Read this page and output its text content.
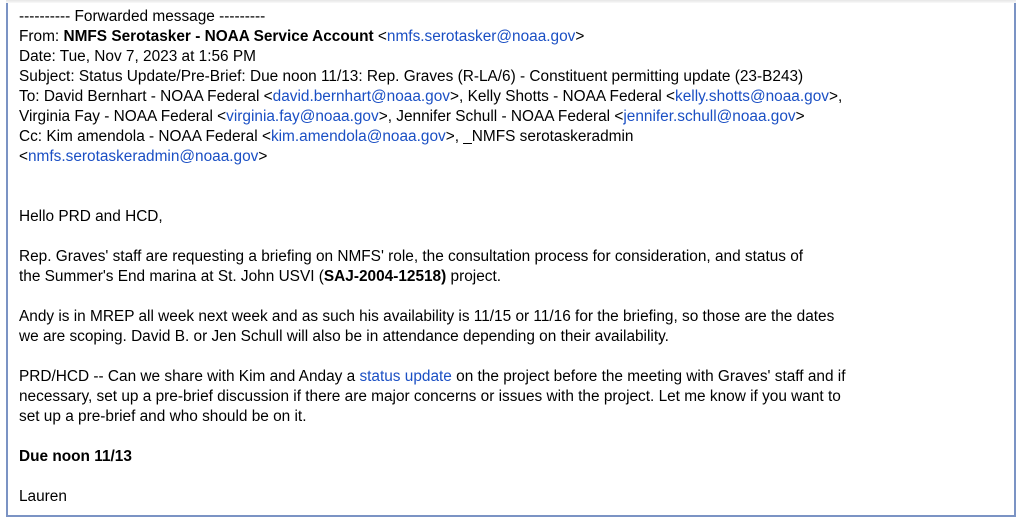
---------- Forwarded message ---------
From: NMFS Serotasker - NOAA Service Account <nmfs.serotasker@noaa.gov>
Date: Tue, Nov 7, 2023 at 1:56 PM
Subject: Status Update/Pre-Brief: Due noon 11/13: Rep. Graves (R-LA/6) - Constituent permitting update (23-B243)
To: David Bernhart - NOAA Federal <david.bernhart@noaa.gov>, Kelly Shotts - NOAA Federal <kelly.shotts@noaa.gov>,
Virginia Fay - NOAA Federal <virginia.fay@noaa.gov>, Jennifer Schull - NOAA Federal <jennifer.schull@noaa.gov>
Cc: Kim amendola - NOAA Federal <kim.amendola@noaa.gov>, _NMFS serotaskeradmin
<nmfs.serotaskeradmin@noaa.gov>
Hello PRD and HCD,
Rep. Graves' staff are requesting a briefing on NMFS' role, the consultation process for consideration, and status of
the Summer's End marina at St. John USVI (SAJ-2004-12518) project.
Andy is in MREP all week next week and as such his availability is 11/15 or 11/16 for the briefing, so those are the dates
we are scoping. David B. or Jen Schull will also be in attendance depending on their availability.
PRD/HCD -- Can we share with Kim and Anday a status update on the project before the meeting with Graves' staff and if
necessary, set up a pre-brief discussion if there are major concerns or issues with the project. Let me know if you want to
set up a pre-brief and who should be on it.
Due noon 11/13
Lauren
